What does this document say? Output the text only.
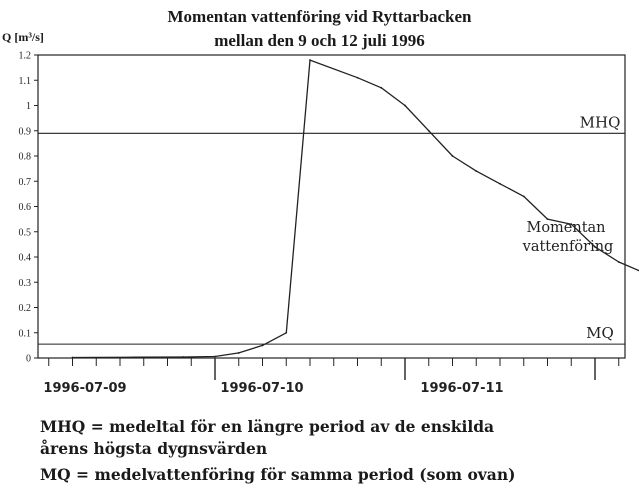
Momentan vattenföring vid Ryttarbacken
mellan den 9 och 12 juli 1996
Q [m³/s]
0
0.1
0.2
0.3
0.4
0.5
0.6
0.7
0.8
0.9
1
1.1
1.2
1996-07-09	1996-07-10	1996-07-11
MHQ
MQ
Momentan
vattenföring
MHQ = medeltal för en längre period av de enskilda
årens högsta dygnsvärden
MQ = medelvattenföring för samma period (som ovan)
